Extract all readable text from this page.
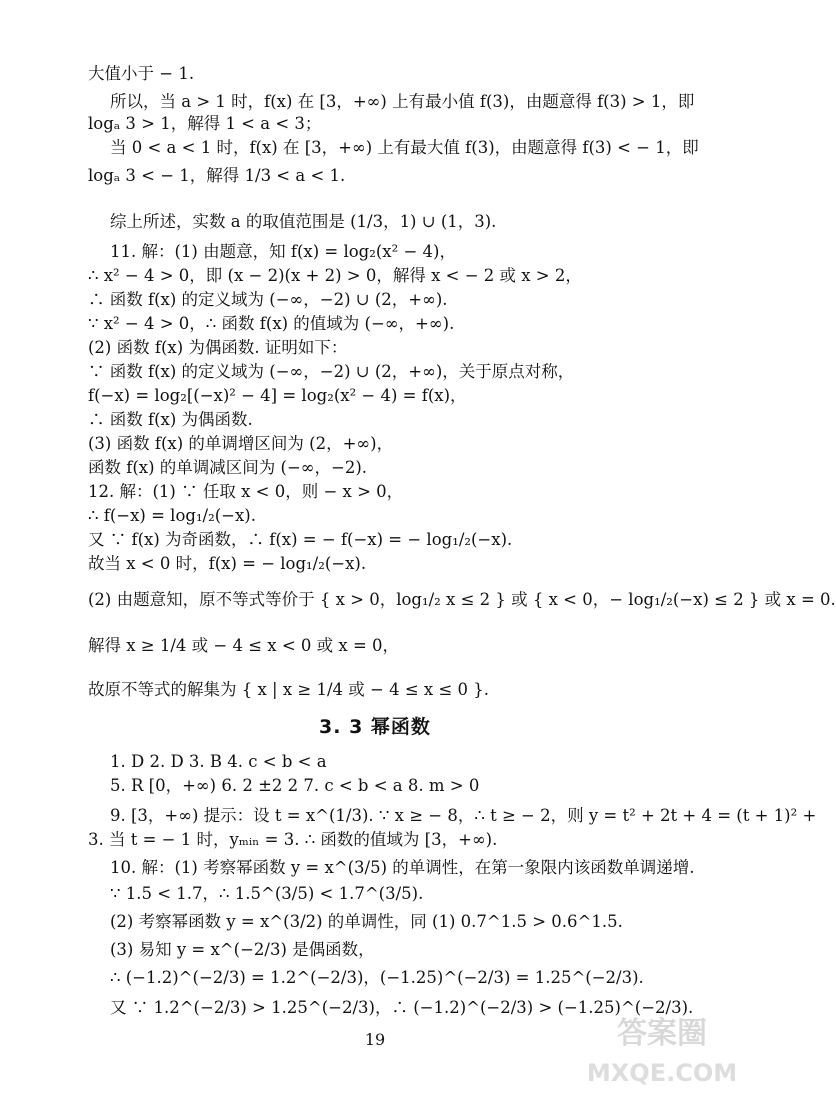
大值小于 − 1.
所以，当 a > 1 时，f(x) 在 [3，+∞) 上有最小值 f(3)，由题意得 f(3) > 1，即
logₐ 3 > 1，解得 1 < a < 3；
当 0 < a < 1 时，f(x) 在 [3，+∞) 上有最大值 f(3)，由题意得 f(3) < − 1，即
logₐ 3 < − 1，解得 1/3 < a < 1.
综上所述，实数 a 的取值范围是 (1/3，1) ∪ (1，3).
11. 解：(1) 由题意，知 f(x) = log₂(x² − 4)，
∴ x² − 4 > 0，即 (x − 2)(x + 2) > 0，解得 x < − 2 或 x > 2，
∴ 函数 f(x) 的定义域为 (−∞，−2) ∪ (2，+∞).
∵ x² − 4 > 0，∴ 函数 f(x) 的值域为 (−∞，+∞).
(2) 函数 f(x) 为偶函数. 证明如下：
∵ 函数 f(x) 的定义域为 (−∞，−2) ∪ (2，+∞)，关于原点对称，
f(−x) = log₂[(−x)² − 4] = log₂(x² − 4) = f(x)，
∴ 函数 f(x) 为偶函数.
(3) 函数 f(x) 的单调增区间为 (2，+∞)，
函数 f(x) 的单调减区间为 (−∞，−2).
12. 解：(1) ∵ 任取 x < 0，则 − x > 0，
∴ f(−x) = log₁/₂(−x).
又 ∵ f(x) 为奇函数，∴ f(x) = − f(−x) = − log₁/₂(−x).
故当 x < 0 时，f(x) = − log₁/₂(−x).
(2) 由题意知，原不等式等价于 { x > 0，log₁/₂ x ≤ 2 } 或 { x < 0，− log₁/₂(−x) ≤ 2 } 或 x = 0.
解得 x ≥ 1/4 或 − 4 ≤ x < 0 或 x = 0，
故原不等式的解集为 { x | x ≥ 1/4 或 − 4 ≤ x ≤ 0 }.
1. D 2. D 3. B 4. c < b < a
5. R [0，+∞) 6. 2 ±2 2 7. c < b < a 8. m > 0
9. [3，+∞) 提示：设 t = x^(1/3). ∵ x ≥ − 8，∴ t ≥ − 2，则 y = t² + 2t + 4 = (t + 1)² +
3. 当 t = − 1 时，yₘᵢₙ = 3. ∴ 函数的值域为 [3，+∞).
10. 解：(1) 考察幂函数 y = x^(3/5) 的单调性，在第一象限内该函数单调递增.
∵ 1.5 < 1.7，∴ 1.5^(3/5) < 1.7^(3/5).
(2) 考察幂函数 y = x^(3/2) 的单调性，同 (1) 0.7^1.5 > 0.6^1.5.
(3) 易知 y = x^(−2/3) 是偶函数，
∴ (−1.2)^(−2/3) = 1.2^(−2/3)，(−1.25)^(−2/3) = 1.25^(−2/3).
又 ∵ 1.2^(−2/3) > 1.25^(−2/3)，∴ (−1.2)^(−2/3) > (−1.25)^(−2/3).
3. 3 幂函数
19	答案圈
MXQE.COM
